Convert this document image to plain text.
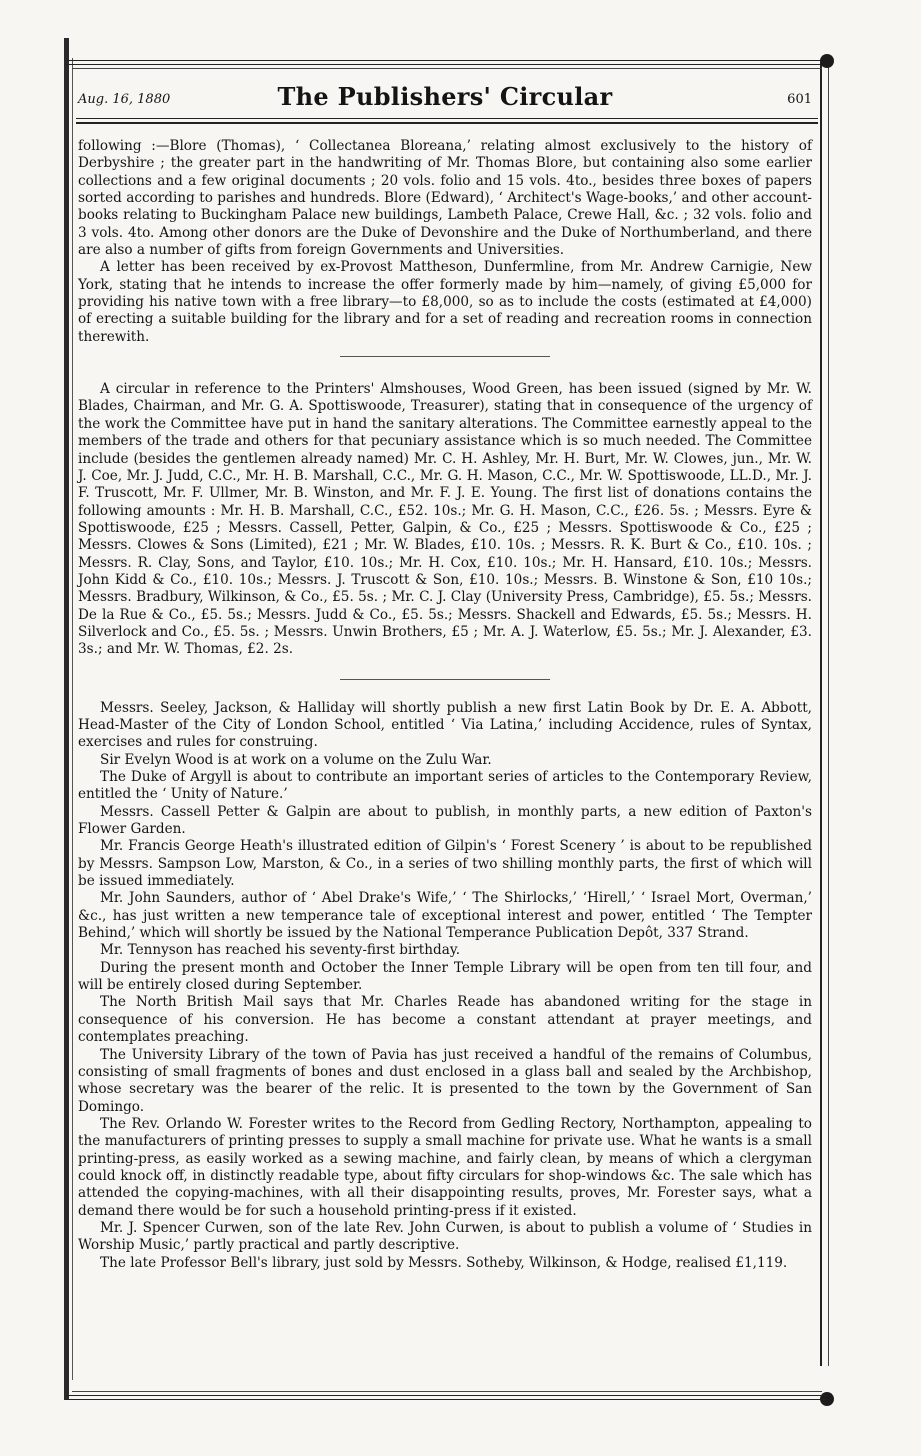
Aug. 16, 1880	The Publishers' Circular	601

following :—Blore (Thomas), ‘ Collectanea Bloreana,’ relating almost exclusively to the history of Derbyshire ; the greater part in the handwriting of Mr. Thomas Blore, but containing also some earlier collections and a few original documents ; 20 vols. folio and 15 vols. 4to., besides three boxes of papers sorted according to parishes and hundreds. Blore (Edward), ‘ Architect's Wage-books,’ and other account-books relating to Buckingham Palace new buildings, Lambeth Palace, Crewe Hall, &c. ; 32 vols. folio and 3 vols. 4to. Among other donors are the Duke of Devonshire and the Duke of Northumberland, and there are also a number of gifts from foreign Governments and Universities.

A letter has been received by ex-Provost Mattheson, Dunfermline, from Mr. Andrew Carnigie, New York, stating that he intends to increase the offer formerly made by him—namely, of giving £5,000 for providing his native town with a free library—to £8,000, so as to include the costs (estimated at £4,000) of erecting a suitable building for the library and for a set of reading and recreation rooms in connection therewith.

A circular in reference to the Printers' Almshouses, Wood Green, has been issued (signed by Mr. W. Blades, Chairman, and Mr. G. A. Spottiswoode, Treasurer), stating that in consequence of the urgency of the work the Committee have put in hand the sanitary alterations. The Committee earnestly appeal to the members of the trade and others for that pecuniary assistance which is so much needed. The Committee include (besides the gentlemen already named) Mr. C. H. Ashley, Mr. H. Burt, Mr. W. Clowes, jun., Mr. W. J. Coe, Mr. J. Judd, C.C., Mr. H. B. Marshall, C.C., Mr. G. H. Mason, C.C., Mr. W. Spottiswoode, LL.D., Mr. J. F. Truscott, Mr. F. Ullmer, Mr. B. Winston, and Mr. F. J. E. Young. The first list of donations contains the following amounts : Mr. H. B. Marshall, C.C., £52. 10s.; Mr. G. H. Mason, C.C., £26. 5s. ; Messrs. Eyre & Spottiswoode, £25 ; Messrs. Cassell, Petter, Galpin, & Co., £25 ; Messrs. Spottiswoode & Co., £25 ; Messrs. Clowes & Sons (Limited), £21 ; Mr. W. Blades, £10. 10s. ; Messrs. R. K. Burt & Co., £10. 10s. ; Messrs. R. Clay, Sons, and Taylor, £10. 10s.; Mr. H. Cox, £10. 10s.; Mr. H. Hansard, £10. 10s.; Messrs. John Kidd & Co., £10. 10s.; Messrs. J. Truscott & Son, £10. 10s.; Messrs. B. Winstone & Son, £10 10s.; Messrs. Bradbury, Wilkinson, & Co., £5. 5s. ; Mr. C. J. Clay (University Press, Cambridge), £5. 5s.; Messrs. De la Rue & Co., £5. 5s.; Messrs. Judd & Co., £5. 5s.; Messrs. Shackell and Edwards, £5. 5s.; Messrs. H. Silverlock and Co., £5. 5s. ; Messrs. Unwin Brothers, £5 ; Mr. A. J. Waterlow, £5. 5s.; Mr. J. Alexander, £3. 3s.; and Mr. W. Thomas, £2. 2s.

Messrs. Seeley, Jackson, & Halliday will shortly publish a new first Latin Book by Dr. E. A. Abbott, Head-Master of the City of London School, entitled ‘ Via Latina,’ including Accidence, rules of Syntax, exercises and rules for construing.

Sir Evelyn Wood is at work on a volume on the Zulu War.

The Duke of Argyll is about to contribute an important series of articles to the Contemporary Review, entitled the ‘ Unity of Nature.’

Messrs. Cassell Petter & Galpin are about to publish, in monthly parts, a new edition of Paxton's Flower Garden.

Mr. Francis George Heath's illustrated edition of Gilpin's ‘ Forest Scenery ’ is about to be republished by Messrs. Sampson Low, Marston, & Co., in a series of two shilling monthly parts, the first of which will be issued immediately.

Mr. John Saunders, author of ‘ Abel Drake's Wife,’ ‘ The Shirlocks,’ ‘Hirell,’ ‘ Israel Mort, Overman,’ &c., has just written a new temperance tale of exceptional interest and power, entitled ‘ The Tempter Behind,’ which will shortly be issued by the National Temperance Publication Depôt, 337 Strand.

Mr. Tennyson has reached his seventy-first birthday.

During the present month and October the Inner Temple Library will be open from ten till four, and will be entirely closed during September.

The North British Mail says that Mr. Charles Reade has abandoned writing for the stage in consequence of his conversion. He has become a constant attendant at prayer meetings, and contemplates preaching.

The University Library of the town of Pavia has just received a handful of the remains of Columbus, consisting of small fragments of bones and dust enclosed in a glass ball and sealed by the Archbishop, whose secretary was the bearer of the relic. It is presented to the town by the Government of San Domingo.

The Rev. Orlando W. Forester writes to the Record from Gedling Rectory, Northampton, appealing to the manufacturers of printing presses to supply a small machine for private use. What he wants is a small printing-press, as easily worked as a sewing machine, and fairly clean, by means of which a clergyman could knock off, in distinctly readable type, about fifty circulars for shop-windows &c. The sale which has attended the copying-machines, with all their disappointing results, proves, Mr. Forester says, what a demand there would be for such a household printing-press if it existed.

Mr. J. Spencer Curwen, son of the late Rev. John Curwen, is about to publish a volume of ‘ Studies in Worship Music,’ partly practical and partly descriptive.

The late Professor Bell's library, just sold by Messrs. Sotheby, Wilkinson, & Hodge, realised £1,119.
